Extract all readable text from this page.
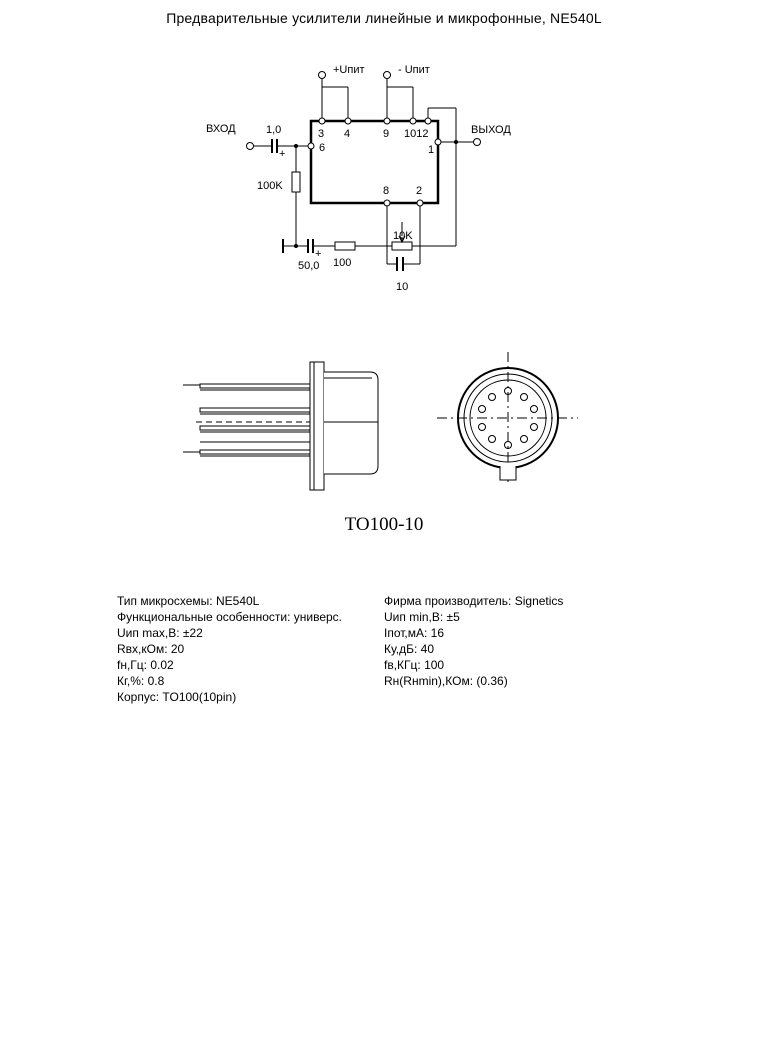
Предварительные усилители линейные и микрофонные, NE540L
+Uпит	- Uпит
ВХОД	ВЫХОД
1,0
+
100K
+
50,0 100
10K
10
3 4	9 1012
6	1
8 2
TO100-10
Тип микросхемы: NE540L
Функциональные особенности: универс.
Uип max,В: ±22
Rвх,кОм: 20
fн,Гц: 0.02
Кг,%: 0.8
Корпус: TO100(10pin)
Фирма производитель: Signetics
Uип min,В: ±5
Iпот,мА: 16
Ку,дБ: 40
fв,КГц: 100
Rн(Rнmin),КОм: (0.36)
